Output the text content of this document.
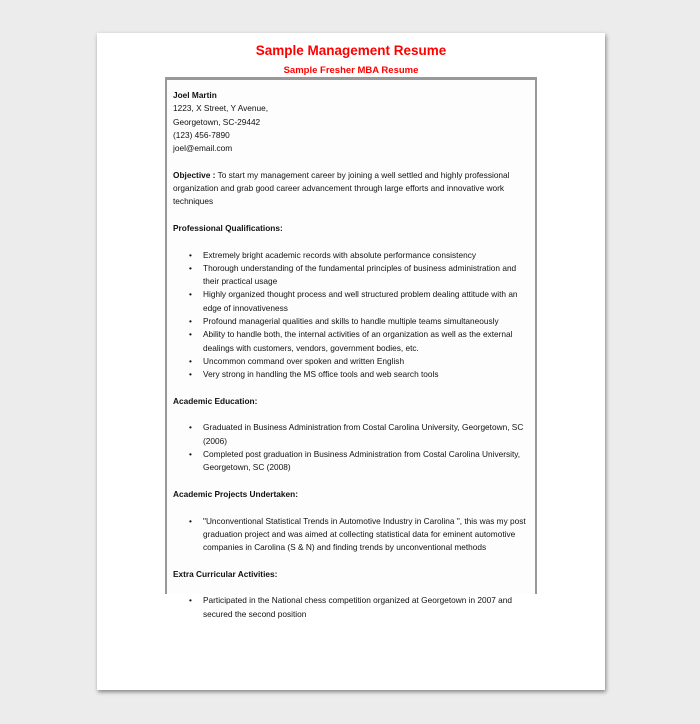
Sample Management Resume
Sample Fresher MBA Resume
Joel Martin
1223, X Street, Y Avenue,
Georgetown, SC-29442
(123) 456-7890
joel@email.com
Objective : To start my management career by joining a well settled and highly professional organization and grab good career advancement through large efforts and innovative work techniques
Professional Qualifications:
• Extremely bright academic records with absolute performance consistency
• Thorough understanding of the fundamental principles of business administration and their practical usage
• Highly organized thought process and well structured problem dealing attitude with an edge of innovativeness
• Profound managerial qualities and skills to handle multiple teams simultaneously
• Ability to handle both, the internal activities of an organization as well as the external dealings with customers, vendors, government bodies, etc.
• Uncommon command over spoken and written English
• Very strong in handling the MS office tools and web search tools
Academic Education:
• Graduated in Business Administration from Costal Carolina University, Georgetown, SC (2006)
• Completed post graduation in Business Administration from Costal Carolina University, Georgetown, SC (2008)
Academic Projects Undertaken:
• "Unconventional Statistical Trends in Automotive Industry in Carolina ", this was my post graduation project and was aimed at collecting statistical data for eminent automotive companies in Carolina (S & N) and finding trends by unconventional methods
Extra Curricular Activities:
• Participated in the National chess competition organized at Georgetown in 2007 and secured the second position
